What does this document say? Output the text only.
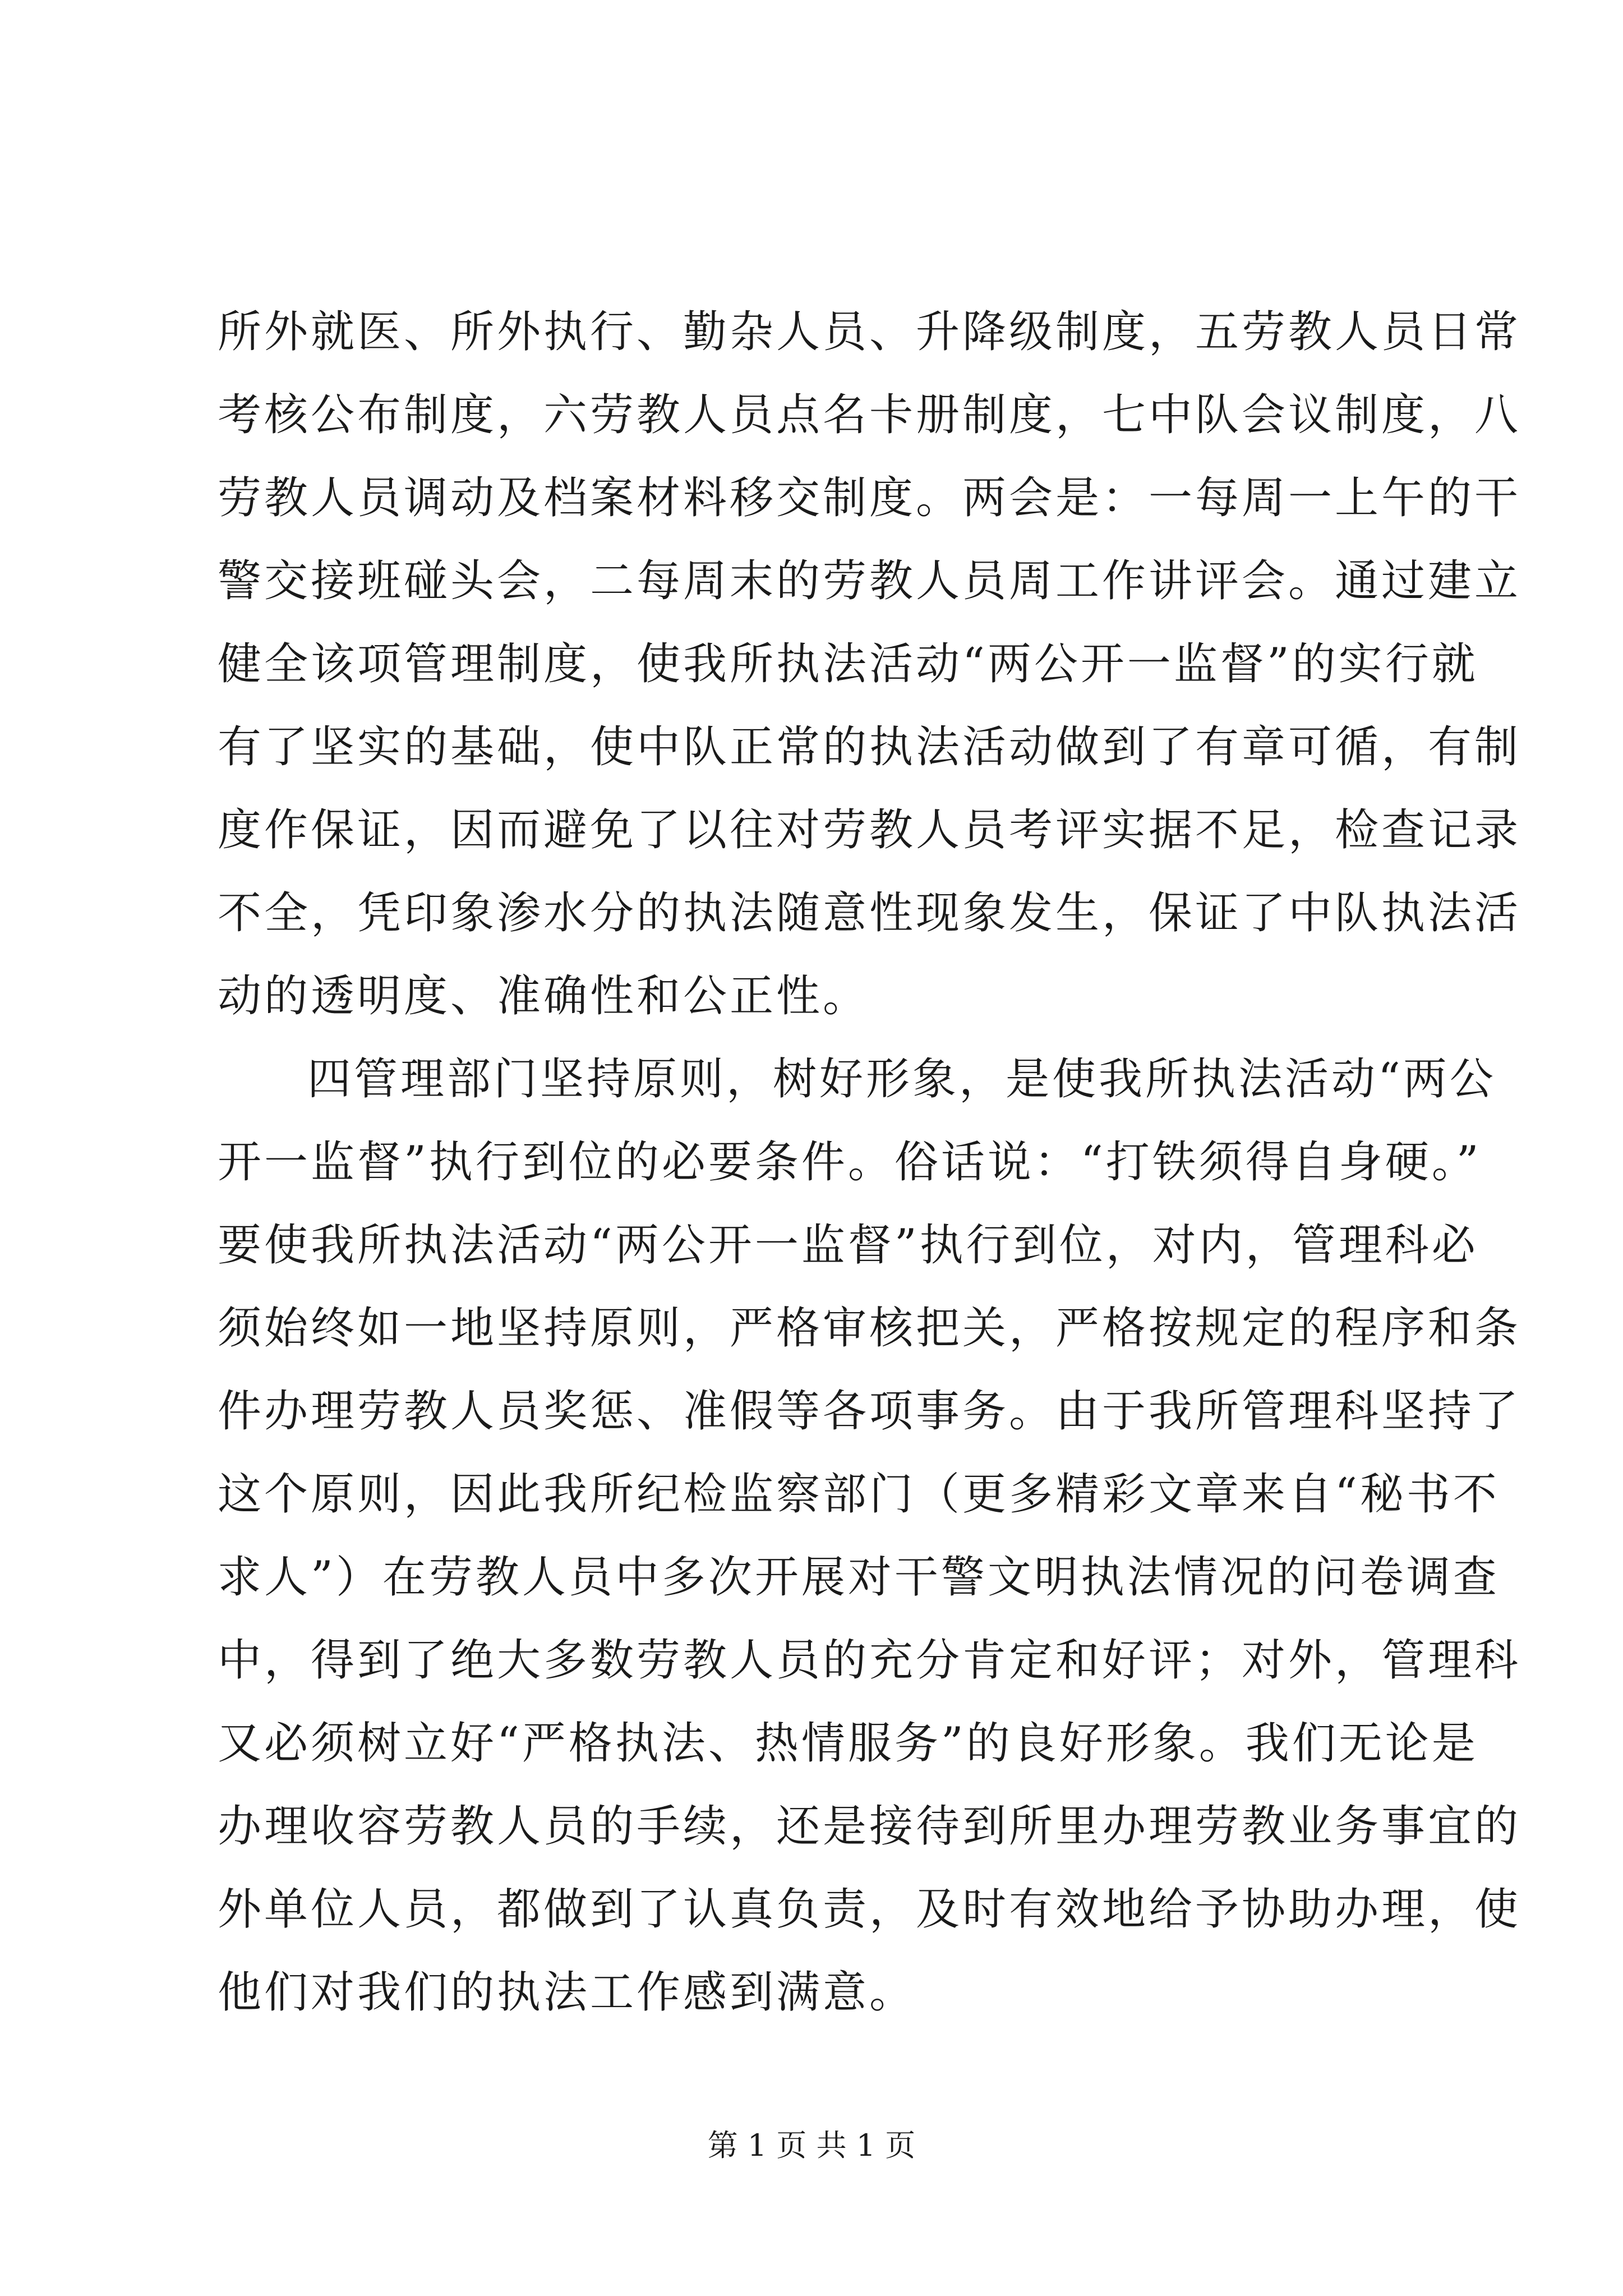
所外就医、所外执行、勤杂人员、升降级制度，五劳教人员日常
考核公布制度，六劳教人员点名卡册制度，七中队会议制度，八
劳教人员调动及档案材料移交制度。两会是：一每周一上午的干
警交接班碰头会，二每周末的劳教人员周工作讲评会。通过建立
健全该项管理制度，使我所执法活动“两公开一监督”的实行就
有了坚实的基础，使中队正常的执法活动做到了有章可循，有制
度作保证，因而避免了以往对劳教人员考评实据不足，检查记录
不全，凭印象渗水分的执法随意性现象发生，保证了中队执法活
动的透明度、准确性和公正性。
四管理部门坚持原则，树好形象，是使我所执法活动“两公
开一监督”执行到位的必要条件。俗话说：“打铁须得自身硬。”
要使我所执法活动“两公开一监督”执行到位，对内，管理科必
须始终如一地坚持原则，严格审核把关，严格按规定的程序和条
件办理劳教人员奖惩、准假等各项事务。由于我所管理科坚持了
这个原则，因此我所纪检监察部门（更多精彩文章来自“秘书不
求人”）在劳教人员中多次开展对干警文明执法情况的问卷调查
中，得到了绝大多数劳教人员的充分肯定和好评；对外，管理科
又必须树立好“严格执法、热情服务”的良好形象。我们无论是
办理收容劳教人员的手续，还是接待到所里办理劳教业务事宜的
外单位人员，都做到了认真负责，及时有效地给予协助办理，使
他们对我们的执法工作感到满意。
第 1 页 共 1 页
